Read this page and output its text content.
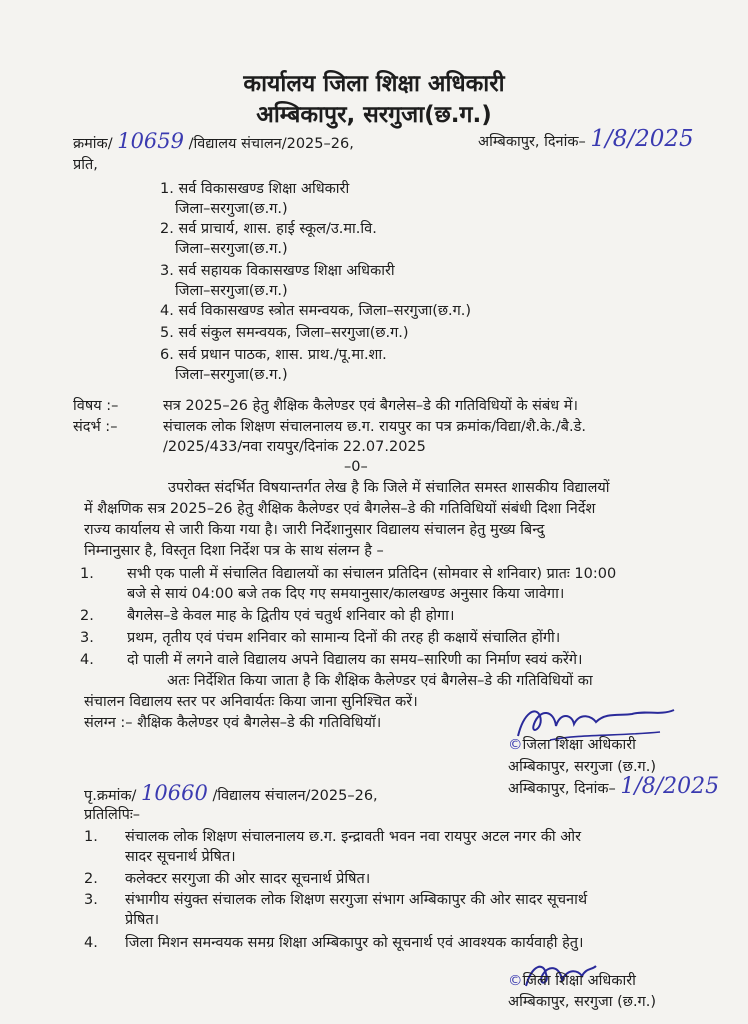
कार्यालय जिला शिक्षा अधिकारी
अम्बिकापुर, सरगुजा(छ.ग.)
क्रमांक/ 10659 /विद्यालय संचालन/2025–26,	अम्बिकापुर, दिनांक– 1/8/2025
प्रति,
1. सर्व विकासखण्ड शिक्षा अधिकारी
जिला–सरगुजा(छ.ग.)
2. सर्व प्राचार्य, शास. हाई स्कूल/उ.मा.वि.
जिला–सरगुजा(छ.ग.)
3. सर्व सहायक विकासखण्ड शिक्षा अधिकारी
जिला–सरगुजा(छ.ग.)
4. सर्व विकासखण्ड स्त्रोत समन्वयक, जिला–सरगुजा(छ.ग.)
5. सर्व संकुल समन्वयक, जिला–सरगुजा(छ.ग.)
6. सर्व प्रधान पाठक, शास. प्राथ./पू.मा.शा.
जिला–सरगुजा(छ.ग.)
विषय :–	सत्र 2025–26 हेतु शैक्षिक कैलेण्डर एवं बैगलेस–डे की गतिविधियों के संबंध में।
संदर्भ :–	संचालक लोक शिक्षण संचालनालय छ.ग. रायपुर का पत्र क्रमांक/विद्या/शै.के./बै.डे.
/2025/433/नवा रायपुर/दिनांक 22.07.2025
–0–
उपरोक्त संदर्भित विषयान्तर्गत लेख है कि जिले में संचालित समस्त शासकीय विद्यालयों
में शैक्षणिक सत्र 2025–26 हेतु शैक्षिक कैलेण्डर एवं बैगलेस–डे की गतिविधियों संबंधी दिशा निर्देश
राज्य कार्यालय से जारी किया गया है। जारी निर्देशानुसार विद्यालय संचालन हेतु मुख्य बिन्दु
निम्नानुसार है, विस्तृत दिशा निर्देश पत्र के साथ संलग्न है –
1. सभी एक पाली में संचालित विद्यालयों का संचालन प्रतिदिन (सोमवार से शनिवार) प्रातः 10:00
बजे से सायं 04:00 बजे तक दिए गए समयानुसार/कालखण्ड अनुसार किया जावेगा।
2. बैगलेस–डे केवल माह के द्वितीय एवं चतुर्थ शनिवार को ही होगा।
3. प्रथम, तृतीय एवं पंचम शनिवार को सामान्य दिनों की तरह ही कक्षायें संचालित होंगी।
4. दो पाली में लगने वाले विद्यालय अपने विद्यालय का समय–सारिणी का निर्माण स्वयं करेंगे।
अतः निर्देशित किया जाता है कि शैक्षिक कैलेण्डर एवं बैगलेस–डे की गतिविधियों का
संचालन विद्यालय स्तर पर अनिवार्यतः किया जाना सुनिश्चित करें।
संलग्न :– शैक्षिक कैलेण्डर एवं बैगलेस–डे की गतिविधियॉ।
©जिला शिक्षा अधिकारी
अम्बिकापुर, सरगुजा (छ.ग.)
अम्बिकापुर, दिनांक– 1/8/2025
पृ.क्रमांक/ 10660 /विद्यालय संचालन/2025–26,
प्रतिलिपिः–
1. संचालक लोक शिक्षण संचालनालय छ.ग. इन्द्रावती भवन नवा रायपुर अटल नगर की ओर
सादर सूचनार्थ प्रेषित।
2. कलेक्टर सरगुजा की ओर सादर सूचनार्थ प्रेषित।
3. संभागीय संयुक्त संचालक लोक शिक्षण सरगुजा संभाग अम्बिकापुर की ओर सादर सूचनार्थ
प्रेषित।
4. जिला मिशन समन्वयक समग्र शिक्षा अम्बिकापुर को सूचनार्थ एवं आवश्यक कार्यवाही हेतु।
©जिला शिक्षा अधिकारी
अम्बिकापुर, सरगुजा (छ.ग.)
